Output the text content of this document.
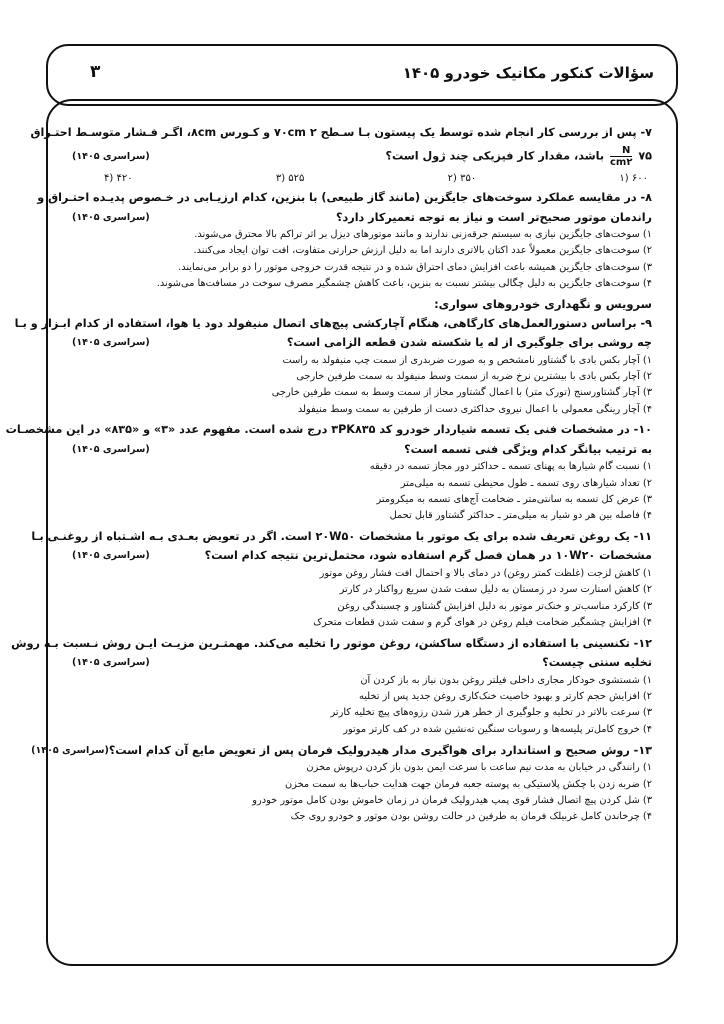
سؤالات کنکور مکانیک خودرو ۱۴۰۵
۳
۷- پس از بررسی کار انجام شده توسط یک پیستون بـا سـطح ۲ ۷۰cm و کـورس ۸cm، اگـر فـشار متوسـط احتـراق
۷۵
$\frac{N}{cm۲}$
باشد، مقدار کار فیزیکی چند ژول است؟
(سراسری ۱۴۰۵)
۶۰۰ (۱
۳۵۰ (۲
۵۲۵ (۳
۴۲۰ (۴
۸- در مقایسه عملکرد سوخت‌های جایگزین (مانند گاز طبیعی) با بنزین، کدام ارزیـابی در خـصوص پدیـده احتـراق و
راندمان موتور صحیح‌تر است و نیاز به توجه تعمیرکار دارد؟
(سراسری ۱۴۰۵)
۱) سوخت‌های جایگزین نیازی به سیستم جرقه‌زنی ندارند و مانند موتورهای دیزل بر اثر تراکم بالا محترق می‌شوند.
۲) سوخت‌های جایگزین معمولاً عدد اکتان بالاتری دارند اما به دلیل ارزش حرارتی متفاوت، افت توان ایجاد می‌کنند.
۳) سوخت‌های جایگزین همیشه باعث افزایش دمای احتراق شده و در نتیجه قدرت خروجی موتور را دو برابر می‌نمایند.
۴) سوخت‌های جایگزین به دلیل چگالی بیشتر نسبت به بنزین، باعث کاهش چشمگیر مصرف سوخت در مسافت‌ها می‌شوند.
سرویس و نگهداری خودروهای سواری:
۹- براساس دستورالعمل‌های کارگاهی، هنگام آچارکشی پیچ‌های اتصال منیفولد دود یا هوا، استفاده از کدام ابـزار و بـا
چه روشی برای جلوگیری از له یا شکسته شدن قطعه الزامی است؟
(سراسری ۱۴۰۵)
۱) آچار بکس بادی با گشتاور نامشخص و به صورت ضربدری از سمت چپ منیفولد به راست
۲) آچار بکس بادی با بیشترین نرخ ضربه از سمت وسط منیفولد به سمت طرفین خارجی
۳) آچار گشتاورسنج (تورک متر) با اعمال گشتاور مجاز از سمت وسط به سمت طرفین خارجی
۴) آچار رینگی معمولی با اعمال نیروی حداکثری دست از طرفین به سمت وسط منیفولد
۱۰- در مشخصات فنی یک تسمه شیاردار خودرو کد ۳PK۸۳۵ درج شده است. مفهوم عدد «۳» و «۸۳۵» در این مشخصـات
به ترتیب بیانگر کدام ویژگی فنی تسمه است؟
(سراسری ۱۴۰۵)
۱) نسبت گام شیارها به پهنای تسمه ـ حداکثر دور مجاز تسمه در دقیقه
۲) تعداد شیارهای روی تسمه ـ طول محیطی تسمه به میلی‌متر
۳) عرض کل تسمه به سانتی‌متر ـ ضخامت آج‌های تسمه به میکرومتر
۴) فاصله بین هر دو شیار به میلی‌متر ـ حداکثر گشتاور قابل تحمل
۱۱- یک روغن تعریف شده برای یک موتور با مشخصات ۲۰W۵۰ است. اگر در تعویض بعـدی بـه اشـتباه از روغنـی بـا
مشخصات ۱۰W۲۰ در همان فصل گرم استفاده شود، محتمل‌ترین نتیجه کدام است؟
(سراسری ۱۴۰۵)
۱) کاهش لزجت (غلظت کمتر روغن) در دمای بالا و احتمال افت فشار روغن موتور
۲) کاهش استارت سرد در زمستان به دلیل سفت شدن سریع رواکنار در کارتر
۳) کارکرد مناسب‌تر و خنک‌تر موتور به دلیل افزایش گشتاور و چسبندگی روغن
۴) افزایش چشمگیر ضخامت فیلم روغن در هوای گرم و سفت شدن قطعات متحرک
۱۲- تکنسینی با استفاده از دستگاه ساکشن، روغن موتور را تخلیه می‌کند. مهمتـرین مزیـت ایـن روش نـسبت بـه روش
تخلیه سنتی چیست؟
(سراسری ۱۴۰۵)
۱) شستشوی خودکار مجاری داخلی فیلتر روغن بدون نیاز به باز کردن آن
۲) افزایش حجم کارتر و بهبود خاصیت خنک‌کاری روغن جدید پس از تخلیه
۳) سرعت بالاتر در تخلیه و جلوگیری از خطر هرز شدن رزوه‌های پیچ تخلیه کارتر
۴) خروج کامل‌تر پلیسه‌ها و رسوبات سنگین ته‌نشین شده در کف کارتر موتور
۱۳- روش صحیح و استاندارد برای هواگیری مدار هیدرولیک فرمان پس از تعویض مایع آن کدام است؟
(سراسری ۱۴۰۵)
۱) رانندگی در خیابان به مدت نیم ساعت با سرعت ایمن بدون باز کردن درپوش مخزن
۲) ضربه زدن با چکش پلاستیکی به پوسته جعبه فرمان جهت هدایت حباب‌ها به سمت مخزن
۳) شل کردن پیچ اتصال فشار قوی پمپ هیدرولیک فرمان در زمان خاموش بودن کامل موتور خودرو
۴) چرخاندن کامل غربیلک فرمان به طرفین در حالت روشن بودن موتور و خودرو روی جک
